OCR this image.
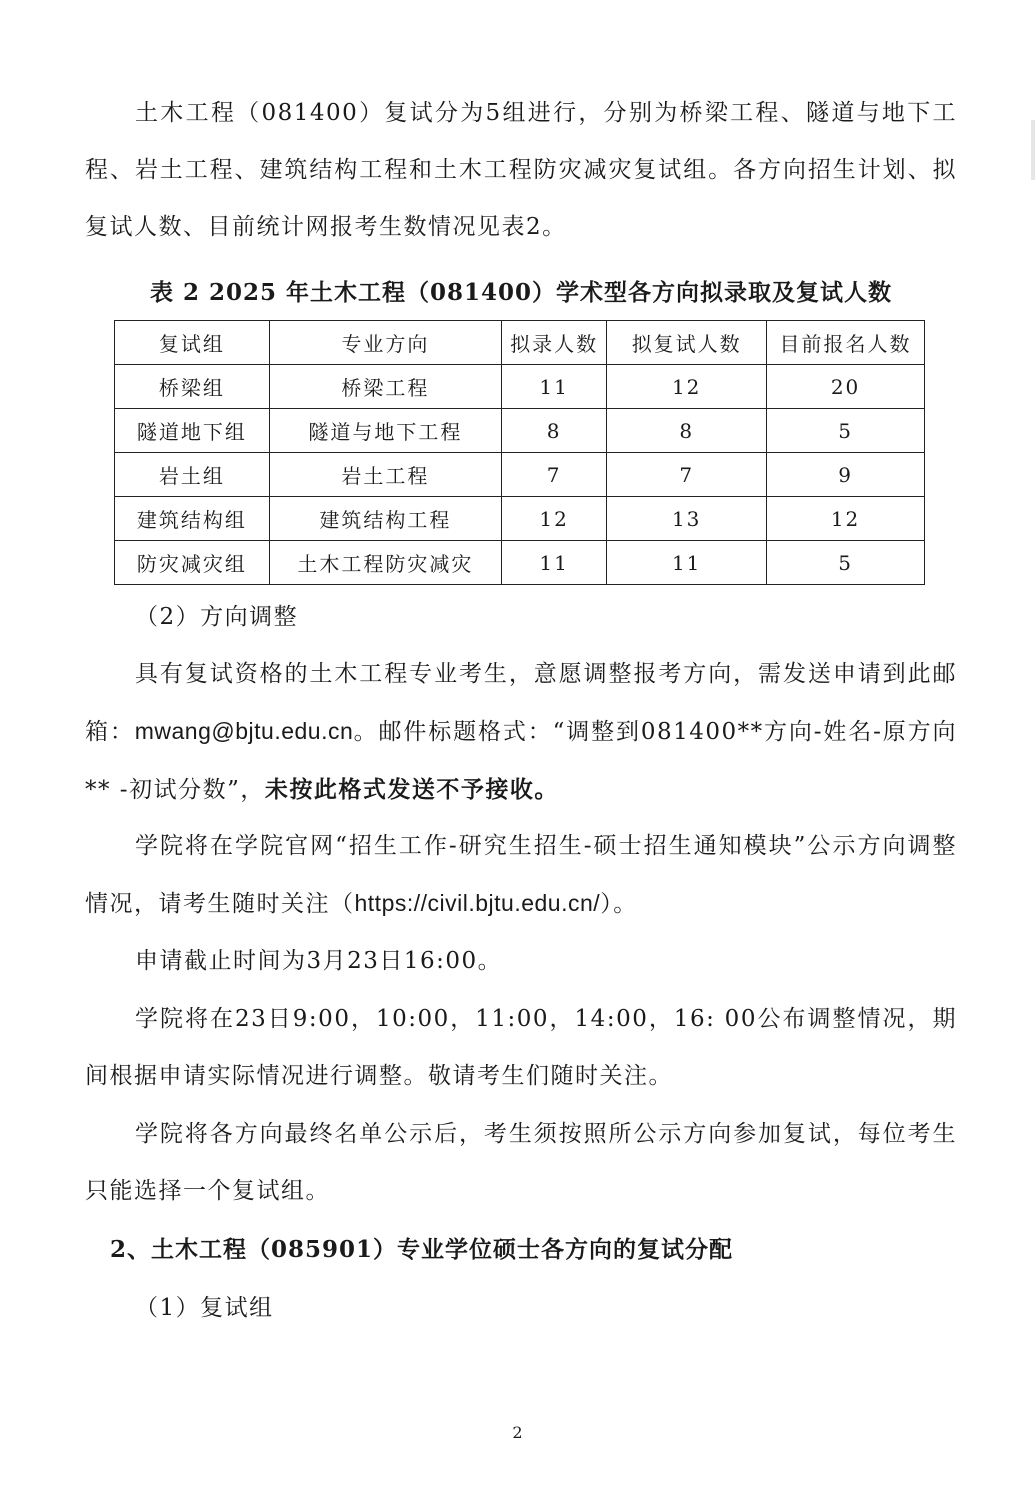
土木工程（081400）复试分为5组进行，分别为桥梁工程、隧道与地下工程、岩土工程、建筑结构工程和土木工程防灾减灾复试组。各方向招生计划、拟复试人数、目前统计网报考生数情况见表2。

表 2 2025 年土木工程（081400）学术型各方向拟录取及复试人数

复试组	专业方向	拟录人数	拟复试人数	目前报名人数
桥梁组	桥梁工程	11	12	20
隧道地下组	隧道与地下工程	8	8	5
岩土组	岩土工程	7	7	9
建筑结构组	建筑结构工程	12	13	12
防灾减灾组	土木工程防灾减灾	11	11	5

（2）方向调整

具有复试资格的土木工程专业考生，意愿调整报考方向，需发送申请到此邮箱：mwang@bjtu.edu.cn。邮件标题格式：“调整到081400**方向-姓名-原方向** -初试分数”，未按此格式发送不予接收。

学院将在学院官网“招生工作-研究生招生-硕士招生通知模块”公示方向调整情况，请考生随时关注（https://civil.bjtu.edu.cn/）。

申请截止时间为3月23日16:00。

学院将在23日9:00，10:00，11:00，14:00，16: 00公布调整情况，期间根据申请实际情况进行调整。敬请考生们随时关注。

学院将各方向最终名单公示后，考生须按照所公示方向参加复试，每位考生只能选择一个复试组。

2、土木工程（085901）专业学位硕士各方向的复试分配

（1）复试组

2
